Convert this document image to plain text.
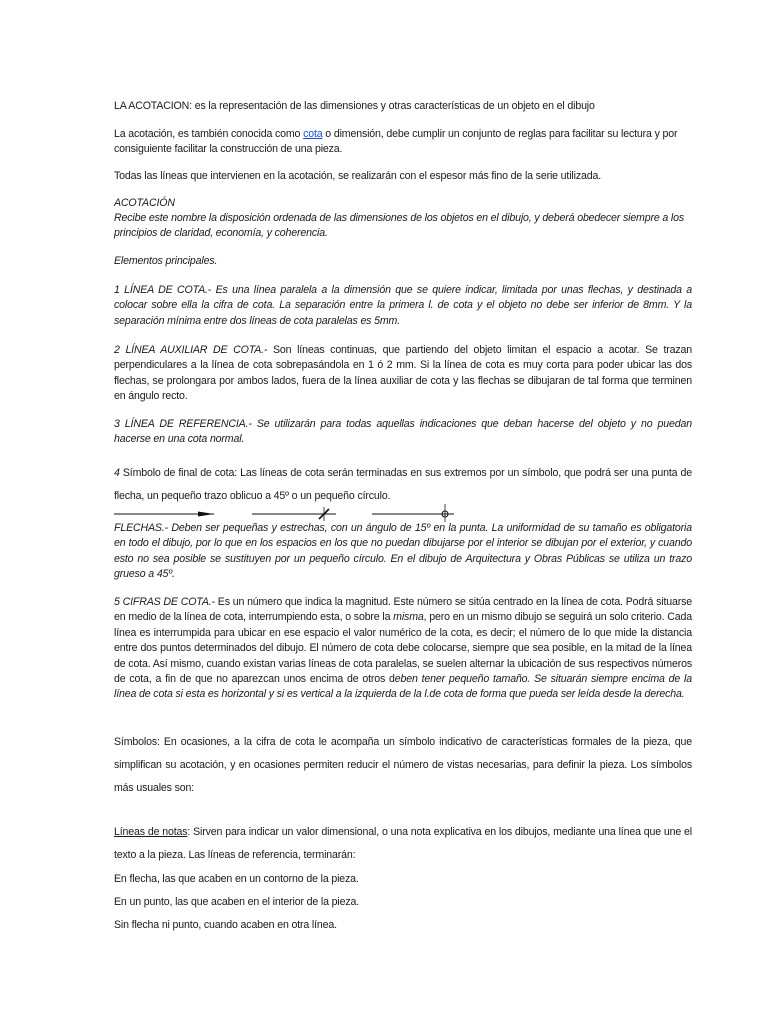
LA ACOTACION: es la representación de las dimensiones y otras características de un objeto en el dibujo

La acotación, es también conocida como cota o dimensión, debe cumplir un conjunto de reglas para facilitar su lectura y por consiguiente facilitar la construcción de una pieza.

Todas las líneas que intervienen en la acotación, se realizarán con el espesor más fino de la serie utilizada.

ACOTACIÓN

Recibe este nombre la disposición ordenada de las dimensiones de los objetos en el dibujo, y deberá obedecer siempre a los principios de claridad, economía, y coherencia.

Elementos principales.

1 LÍNEA DE COTA.- Es una línea paralela a la dimensión que se quiere indicar, limitada por unas flechas, y destinada a colocar sobre ella la cifra de cota. La separación entre la primera l. de cota y el objeto no debe ser inferior de 8mm. Y la separación mínima entre dos líneas de cota paralelas es 5mm.

2 LÍNEA AUXILIAR DE COTA.- Son líneas continuas, que partiendo del objeto limitan el espacio a acotar. Se trazan perpendiculares a la línea de cota sobrepasándola en 1 ó 2 mm. Si la línea de cota es muy corta para poder ubicar las dos flechas, se prolongara por ambos lados, fuera de la línea auxiliar de cota y las flechas se dibujaran de tal forma que terminen en ángulo recto.

3 LÍNEA DE REFERENCIA.- Se utilizarán para todas aquellas indicaciones que deban hacerse del objeto y no puedan hacerse en una cota normal.

4 Símbolo de final de cota: Las líneas de cota serán terminadas en sus extremos por un símbolo, que podrá ser una punta de flecha, un pequeño trazo oblicuo a 45º o un pequeño círculo.

FLECHAS.- Deben ser pequeñas y estrechas, con un ángulo de 15º en la punta. La uniformidad de su tamaño es obligatoria en todo el dibujo, por lo que en los espacios en los que no puedan dibujarse por el interior se dibujan por el exterior, y cuando esto no sea posible se sustituyen por un pequeño círculo. En el dibujo de Arquitectura y Obras Públicas se utiliza un trazo grueso a 45º.

5 CIFRAS DE COTA.- Es un número que indica la magnitud. Este número se sitúa centrado en la línea de cota. Podrá situarse en medio de la línea de cota, interrumpiendo esta, o sobre la misma, pero en un mismo dibujo se seguirá un solo criterio. Cada línea es interrumpida para ubicar en ese espacio el valor numérico de la cota, es decir; el número de lo que mide la distancia entre dos puntos determinados del dibujo. El número de cota debe colocarse, siempre que sea posible, en la mitad de la línea de cota. Así mismo, cuando existan varias líneas de cota paralelas, se suelen alternar la ubicación de sus respectivos números de cota, a fin de que no aparezcan unos encima de otros deben tener pequeño tamaño. Se situarán siempre encima de la línea de cota si esta es horizontal y si es vertical a la izquierda de la l.de cota de forma que pueda ser leída desde la derecha.

Símbolos: En ocasiones, a la cifra de cota le acompaña un símbolo indicativo de características formales de la pieza, que simplifican su acotación, y en ocasiones permiten reducir el número de vistas necesarias, para definir la pieza. Los símbolos más usuales son:

Líneas de notas: Sirven para indicar un valor dimensional, o una nota explicativa en los dibujos, mediante una línea que une el texto a la pieza. Las líneas de referencia, terminarán:

En flecha, las que acaben en un contorno de la pieza.

En un punto, las que acaben en el interior de la pieza.

Sin flecha ni punto, cuando acaben en otra línea.
